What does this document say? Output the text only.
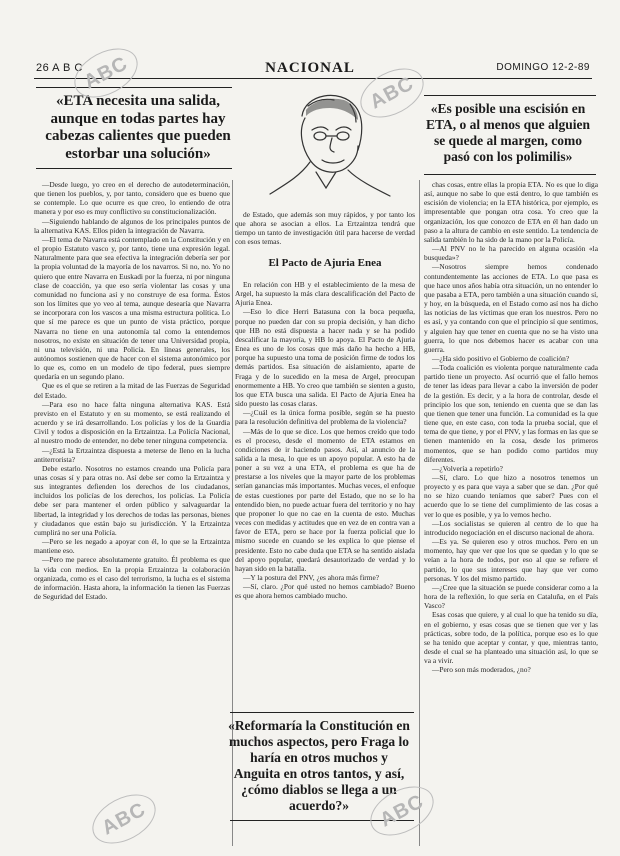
26 A B C	NACIONAL	DOMINGO 12-2-89
«ETA necesita una salida, aunque en todas partes hay cabezas calientes que pueden estorbar una solución»
«Es posible una escisión en ETA, o al menos que alguien se quede al margen, como pasó con los polimilis»

—Desde luego, yo creo en el derecho de autodeterminación, que tienen los pueblos, y, por tanto, considero que es bueno que se contemple. Lo que ocurre es que creo, lo entiendo de otra manera y por eso es muy conflictivo su constitucionalización.

—Siguiendo hablando de algunos de los principales puntos de la alternativa KAS. Ellos piden la integración de Navarra.

—El tema de Navarra está contemplado en la Constitución y en el propio Estatuto vasco y, por tanto, tiene una expresión legal. Naturalmente para que sea efectiva la integración debería ser por la propia voluntad de la mayoría de los navarros. Si no, no. Yo no quiero que entre Navarra en Euskadi por la fuerza, ni por ninguna clase de coacción, ya que eso sería violentar las cosas y una comunidad no funciona así y no construye de esa forma. Éstos son los límites que yo veo al tema, aunque desearía que Navarra se incorporara con los vascos a una misma estructura política. Lo que sí me parece es que un punto de vista práctico, porque Navarra no tiene en una autonomía tal como la entendemos nosotros, no existe en situación de tener una Universidad propia, ni una televisión, ni una Policía. En líneas generales, los autónomos sostienen que de hacer con el sistema autonómico por lo que es, como en un modelo de tipo federal, pues siempre quedaría en un segundo plano.

Que es el que se retiren a la mitad de las Fuerzas de Seguridad del Estado.

—Para eso no hace falta ninguna alternativa KAS. Está previsto en el Estatuto y en su momento, se está realizando el acuerdo y se irá desarrollando. Los policías y los de la Guardia Civil y todos a disposición en la Ertzaintza. La Policía Nacional, al nuestro modo de entender, no debe tener ninguna competencia.

—¿Está la Ertzaintza dispuesta a meterse de lleno en la lucha antiterrorista?

Debe estarlo. Nosotros no estamos creando una Policía para unas cosas sí y para otras no. Así debe ser como la Ertzaintza y sus integrantes defienden los derechos de los ciudadanos, incluidos los policías de los derechos, los policías. La Policía debe ser para mantener el orden público y salvaguardar la libertad, la integridad y los derechos de todas las personas, bienes y ciudadanos que están bajo su jurisdicción. Y la Ertzaintza cumplirá no ser una Policía.

—Pero se les negado a apoyar con él, lo que se la Ertzaintza mantiene eso.

—Pero me parece absolutamente gratuito. Él problema es que la vida con medios. En la propia Ertzaintza la colaboración organizada, como es el caso del terrorismo, la lucha es el sistema de información. Hasta ahora, la información la tienen las Fuerzas de Seguridad del Estado.

de Estado, que además son muy rápidos, y por tanto los que ahora se asocian a ellos. La Ertzaintza tendrá que tiempo un tanto de investigación útil para hacerse de verdad con esos temas.

El Pacto de Ajuria Enea

En relación con HB y el establecimiento de la mesa de Argel, ha supuesto la más clara descalificación del Pacto de Ajuria Enea.

—Eso lo dice Herri Batasuna con la boca pequeña, porque no pueden dar con su propia decisión, y han dicho que HB no está dispuesta a hacer nada y se ha podido descalificar la mayoría, y HB lo apoya. El Pacto de Ajuria Enea es uno de los cosas que más daño ha hecho a HB, porque ha supuesto una toma de posición firme de todos los demás partidos. Esa situación de aislamiento, aparte de Fraga y de lo sucedido en la mesa de Argel, preocupan enormemente a HB. Yo creo que también se sienten a gusto, los que ETA busca una salida. El Pacto de Ajuria Enea ha sido puesto las cosas claras.

—¿Cuál es la única forma posible, según se ha puesto para la resolución definitiva del problema de la violencia?

—Más de lo que se dice. Los que hemos creído que todo es el proceso, desde el momento de ETA estamos en condiciones de ir haciendo pasos. Así, al anuncio de la salida a la mesa, lo que es un apoyo popular. A esto ha de poner a su vez a una ETA, el problema es que ha de prestarse a los niveles que la mayor parte de los problemas serían ganancias más importantes. Muchas veces, el enfoque de estas cuestiones por parte del Estado, que no se lo ha entendido bien, no puede actuar fuera del territorio y no hay que proponer lo que no cae en la cuenta de esto. Muchas veces con medidas y actitudes que en vez de en contra van a favor de ETA, pero se hace por la fuerza policial que lo mismo sucede en cuando se les explica lo que piense el presidente. Esto no cabe duda que ETA se ha sentido aislada del apoyo popular, quedará desautorizado de verdad y lo hayan sido en la batalla.

—Y la postura del PNV, ¿es ahora más firme?

—Sí, claro. ¿Por qué usted no hemos cambiado? Bueno es que ahora hemos cambiado mucho.

«Reformaría la Constitución en muchos aspectos, pero Fraga lo haría en otros muchos y Anguita en otros tantos, y así, ¿cómo diablos se llega a un acuerdo?»

chas cosas, entre ellas la propia ETA. No es que lo diga así, aunque no sabe lo que está dentro, lo que también es escisión de violencia; en la ETA histórica, por ejemplo, es impresentable que pongan otra cosa. Yo creo que la organización, los que conozco de ETA en él han dado un paso a la altura de cambio en este sentido. La tendencia de salida también lo ha sido de la mano por la Policía.

—Al PNV no le ha parecido en alguna ocasión «la busqueda»?

—Nosotros siempre hemos condenado contundentemente las acciones de ETA. Lo que pasa es que hace unos años había otra situación, un no entender lo que pasaba a ETA, pero también a una situación cuando sí, y hoy, en la búsqueda, en el Estado como así nos ha dicho las noticias de las víctimas que eran los nuestros. Pero no es así, y ya contando con que el principio sí que sentimos, y alguien hay que tener en cuenta que no se ha visto una guerra, lo que nos debemos hacer es acabar con una guerra.

—¿Ha sido positivo el Gobierno de coalición?

—Toda coalición es violenta porque naturalmente cada partido tiene un proyecto. Así ocurrió que el fallo hemos de tener las ideas para llevar a cabo la inversión de poder de la gestión. Es decir, y a la hora de controlar, desde el principio los que son, teniendo en cuenta que se dan las que tienen que tener una función. La comunidad es la que tiene que, en este caso, con toda la prueba social, que el tema de que tiene, y por el PNV, y las formas en las que se tienen mantenido en la cosa, desde los primeros momentos, que se han podido como partidos muy diferentes.

—¿Volvería a repetirlo?

—Sí, claro. Lo que hizo a nosotros tenemos un proyecto y es para que vaya a saber que se dan. ¿Por qué no se hizo cuando teníamos que saber? Pues con el acuerdo que lo se tiene del cumplimiento de las cosas a ver lo que es posible, y ya lo vemos hecho.

—Los socialistas se quieren al centro de lo que ha introducido negociación en el discurso nacional de ahora.

—Es ya. Se quieren eso y otros muchos. Pero en un momento, hay que ver que los que se quedan y lo que se veían a la hora de todos, por eso al que se refiere el partido, lo que sus intereses que hay que ver como personas. Y los del mismo partido.

—¿Cree que la situación se puede considerar como a la hora de la reflexión, lo que sería en Cataluña, en el País Vasco?

Esas cosas que quiere, y al cual lo que ha tenido su día, en el gobierno, y esas cosas que se tienen que ver y las prácticas, sobre todo, de la política, porque eso es lo que se ha tenido que aceptar y contar, y que, mientras tanto, desde el cual se ha planteado una situación así, lo que se va a vivir.

—Pero son más moderados, ¿no?

ABC	ABC
ABC	ABC
